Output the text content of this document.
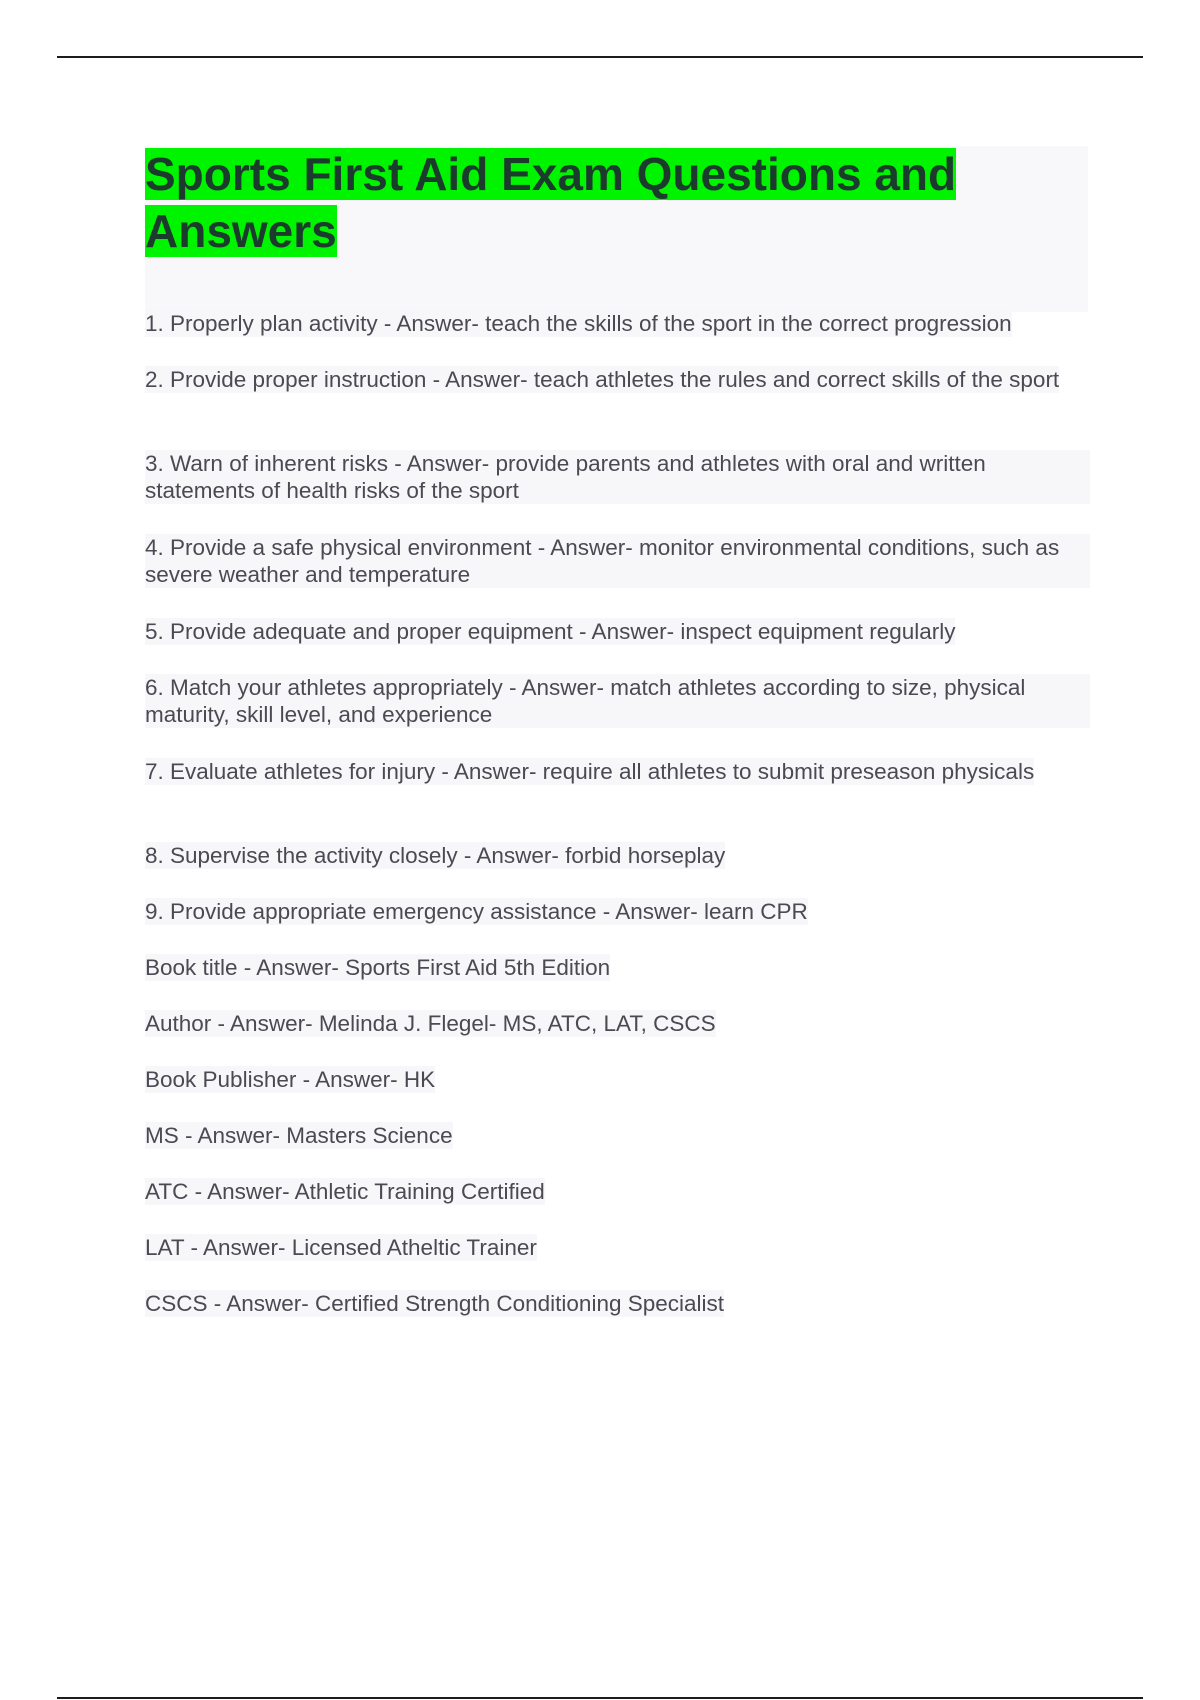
Sports First Aid Exam Questions and Answers

1. Properly plan activity - Answer- teach the skills of the sport in the correct progression

2. Provide proper instruction - Answer- teach athletes the rules and correct skills of the sport

3. Warn of inherent risks - Answer- provide parents and athletes with oral and written statements of health risks of the sport

4. Provide a safe physical environment - Answer- monitor environmental conditions, such as severe weather and temperature

5. Provide adequate and proper equipment - Answer- inspect equipment regularly

6. Match your athletes appropriately - Answer- match athletes according to size, physical maturity, skill level, and experience

7. Evaluate athletes for injury - Answer- require all athletes to submit preseason physicals

8. Supervise the activity closely - Answer- forbid horseplay

9. Provide appropriate emergency assistance - Answer- learn CPR

Book title - Answer- Sports First Aid 5th Edition

Author - Answer- Melinda J. Flegel- MS, ATC, LAT, CSCS

Book Publisher - Answer- HK

MS - Answer- Masters Science

ATC - Answer- Athletic Training Certified

LAT - Answer- Licensed Atheltic Trainer

CSCS - Answer- Certified Strength Conditioning Specialist
